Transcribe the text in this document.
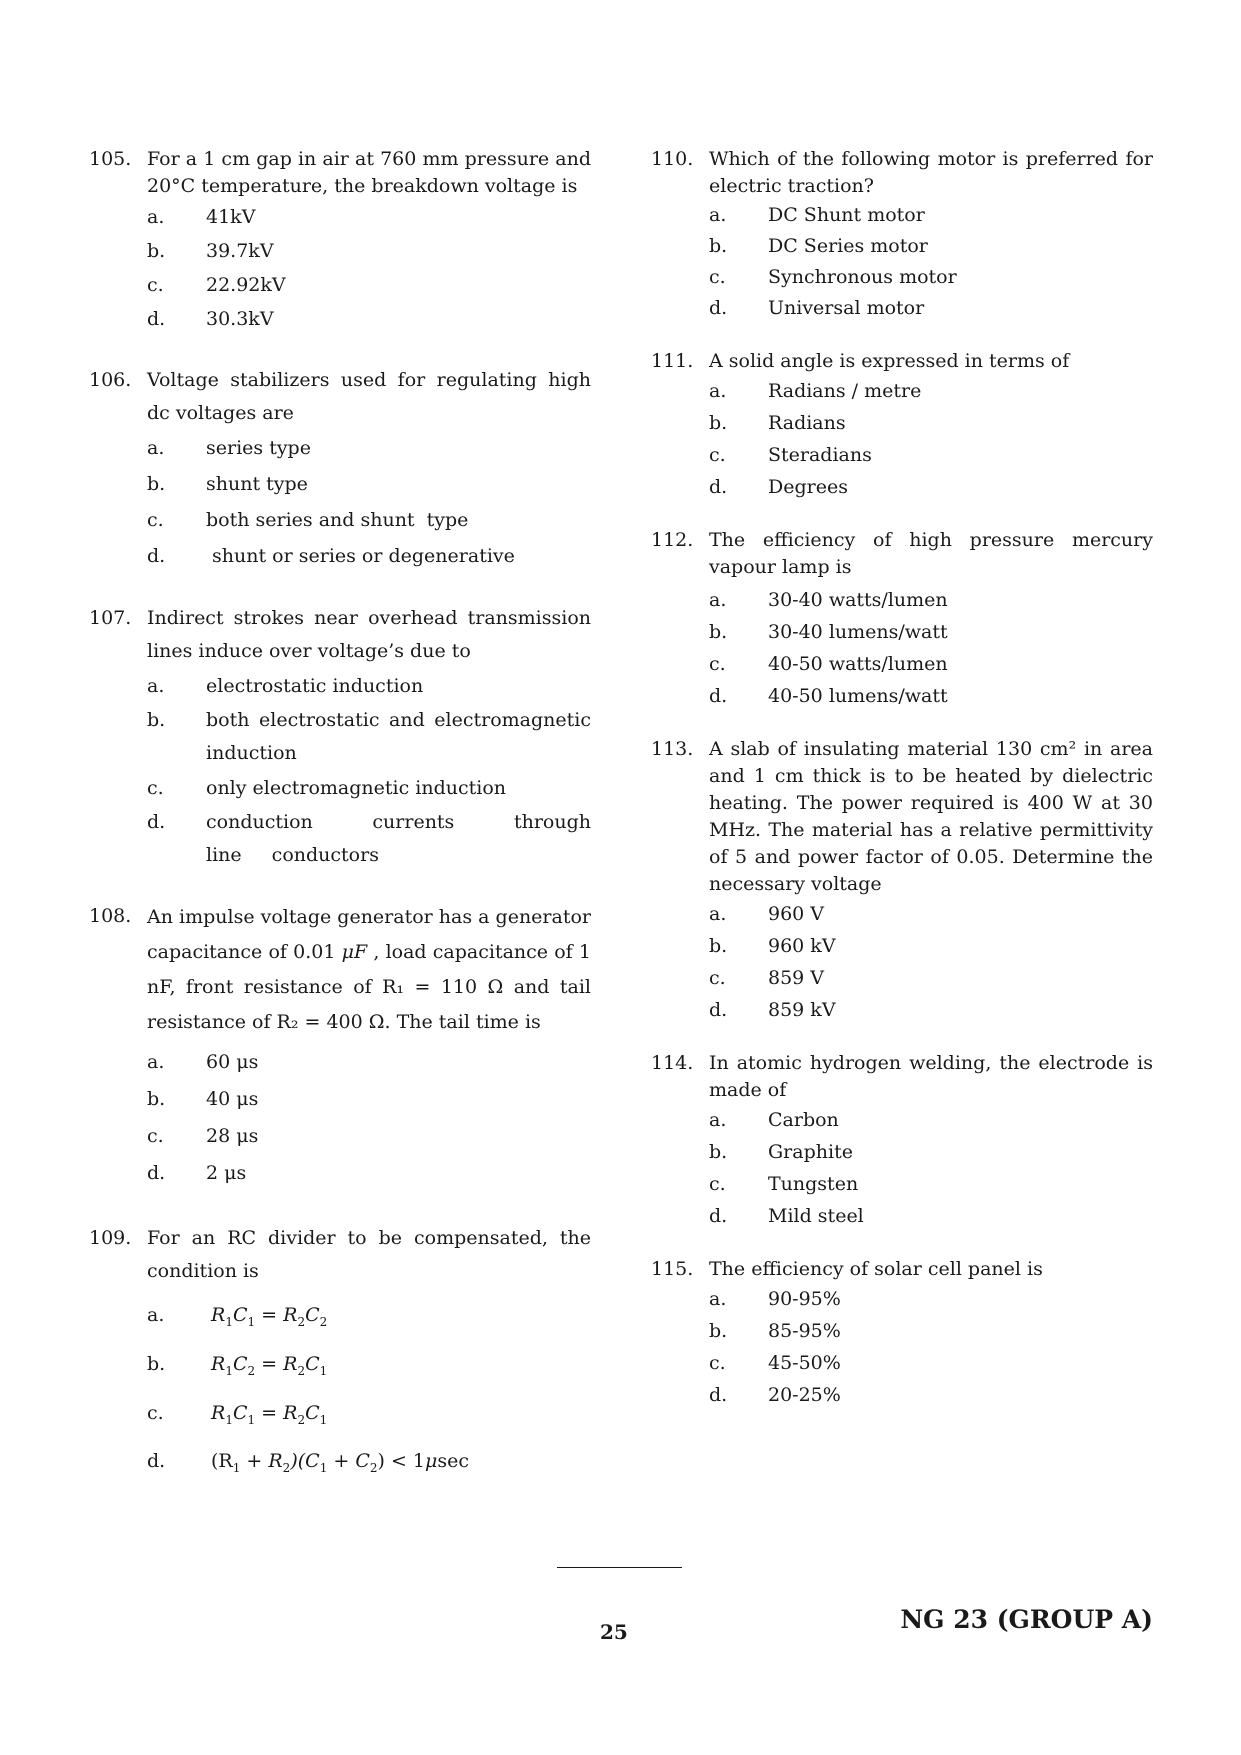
105. For a 1 cm gap in air at 760 mm pressure and 20°C temperature, the breakdown voltage is
a.	41kV
b.	39.7kV
c.	22.92kV
d.	30.3kV
106. Voltage stabilizers used for regulating high dc voltages are
a.	series type
b.	shunt type
c.	both series and shunt  type
d.	shunt or series or degenerative
107. Indirect strokes near overhead transmission lines induce over voltage’s due to
a.	electrostatic induction
b.	both electrostatic and electromagnetic induction
c.	only electromagnetic induction
d.	conduction currents through line conductors
108. An impulse voltage generator has a generator capacitance of 0.01 μF , load capacitance of 1 nF, front resistance of R₁ = 110 Ω and tail resistance of R₂ = 400 Ω. The tail time is
a.	60 μs
b.	40 μs
c.	28 μs
d.	2 μs
109. For an RC divider to be compensated, the condition is
a.	$R_1C_1 = R_2C_2$
b.	$R_1C_2 = R_2C_1$
c.	$R_1C_1 = R_2C_1$
d.	$(R_1 + R_2)(C_1 + C_2) < 1\mu\sec$
110. Which of the following motor is preferred for electric traction?
a.	DC Shunt motor
b.	DC Series motor
c.	Synchronous motor
d.	Universal motor
111. A solid angle is expressed in terms of
a.	Radians / metre
b.	Radians
c.	Steradians
d.	Degrees
112. The efficiency of high pressure mercury vapour lamp is
a.	30-40 watts/lumen
b.	30-40 lumens/watt
c.	40-50 watts/lumen
d.	40-50 lumens/watt
113. A slab of insulating material 130 cm² in area and 1 cm thick is to be heated by dielectric heating. The power required is 400 W at 30 MHz. The material has a relative permittivity of 5 and power factor of 0.05. Determine the necessary voltage
a.	960 V
b.	960 kV
c.	859 V
d.	859 kV
114. In atomic hydrogen welding, the electrode is made of
a.	Carbon
b.	Graphite
c.	Tungsten
d.	Mild steel
115. The efficiency of solar cell panel is
a.	90-95%
b.	85-95%
c.	45-50%
d.	20-25%
25	NG 23 (GROUP A)
